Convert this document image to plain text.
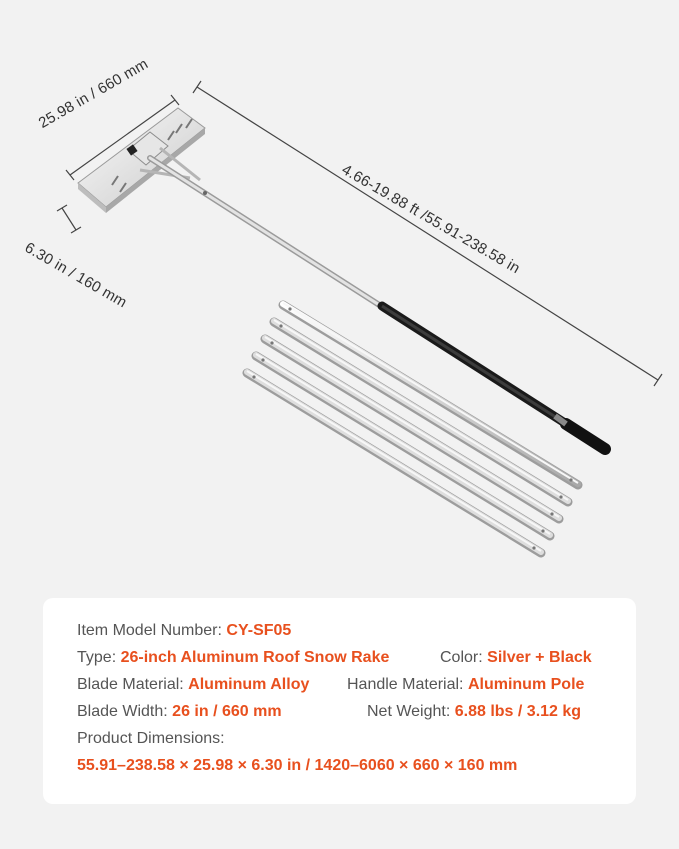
25.98 in / 660 mm
6.30 in / 160 mm	4.66-19.88 ft /55.91-238.58 in
Item Model Number: CY-SF05
Type: 26-inch Aluminum Roof Snow Rake	Color: Silver + Black
Blade Material: Aluminum Alloy Handle Material: Aluminum Pole
Blade Width: 26 in / 660 mm	Net Weight: 6.88 lbs / 3.12 kg
Product Dimensions:
55.91–238.58 × 25.98 × 6.30 in / 1420–6060 × 660 × 160 mm
